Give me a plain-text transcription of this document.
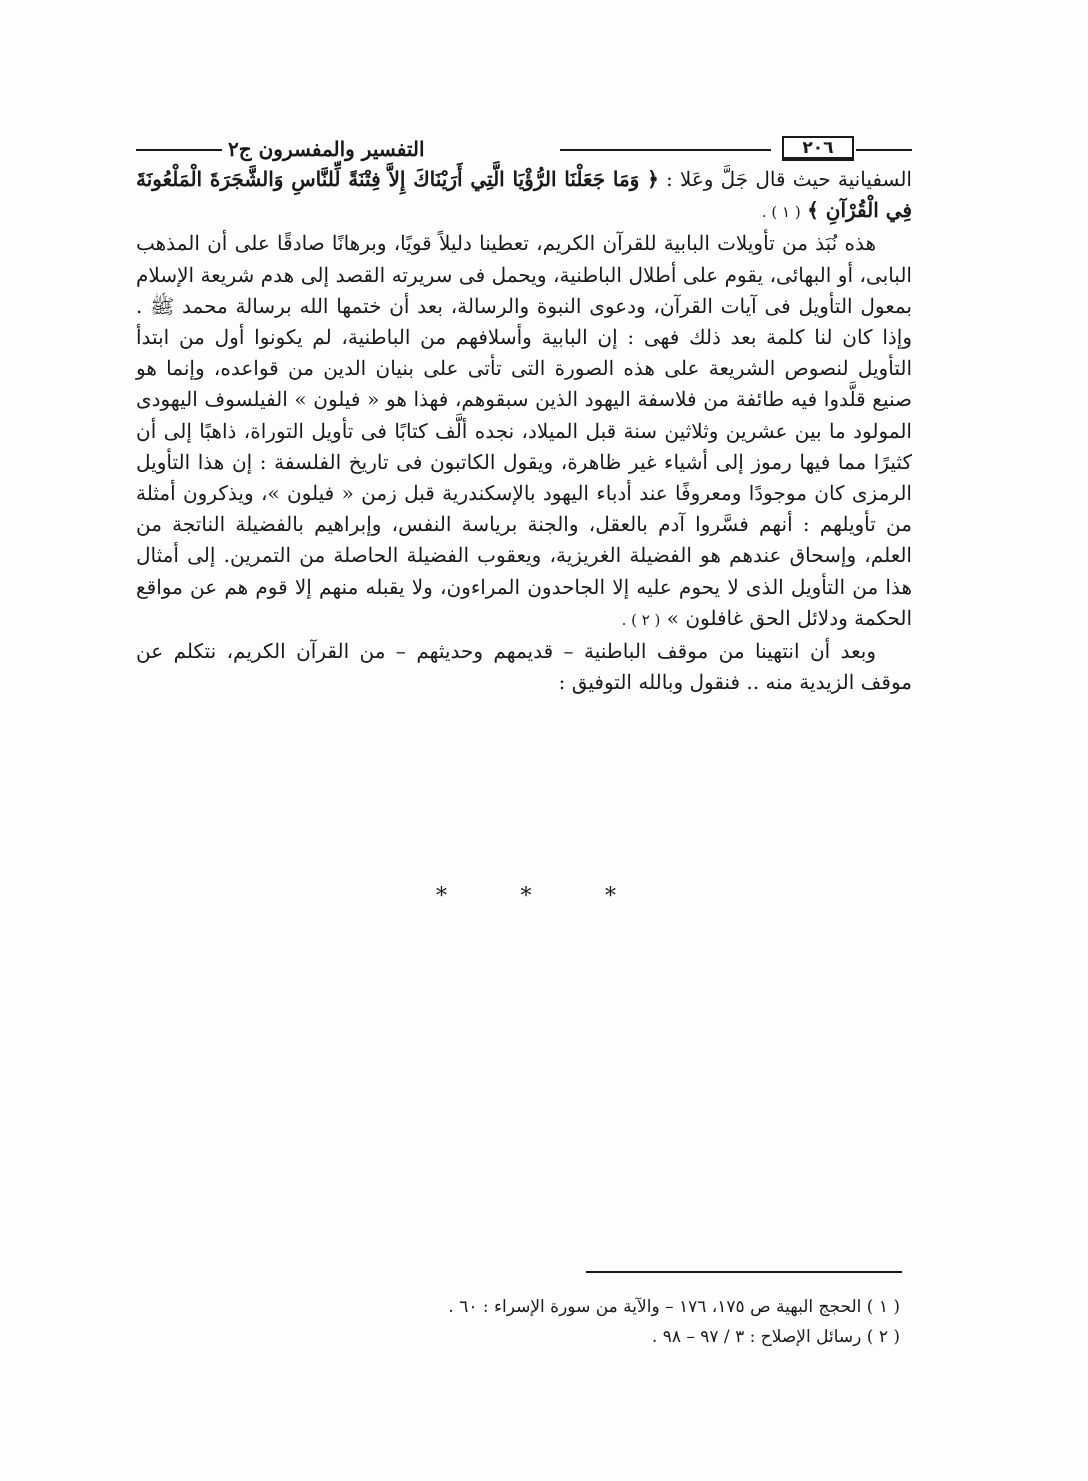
٢٠٦
التفسير والمفسرون ج٢

السفيانية حيث قال جَلَّ وعَلا : ﴿ وَمَا جَعَلْنَا الرُّؤْيَا الَّتِي أَرَيْنَاكَ إِلاَّ فِتْنَةً لِّلنَّاسِ وَالشَّجَرَةَ الْمَلْعُونَةَ فِي الْقُرْآنِ ﴾ ( ١ ) .

هذه نُبَذ من تأويلات البابية للقرآن الكريم، تعطينا دليلاً قويًا، وبرهانًا صادقًا على أن المذهب البابى، أو البهائى، يقوم على أطلال الباطنية، ويحمل فى سريرته القصد إلى هدم شريعة الإسلام بمعول التأويل فى آيات القرآن، ودعوى النبوة والرسالة، بعد أن ختمها الله برسالة محمد ﷺ . وإذا كان لنا كلمة بعد ذلك فهى : إن البابية وأسلافهم من الباطنية، لم يكونوا أول من ابتدأ التأويل لنصوص الشريعة على هذه الصورة التى تأتى على بنيان الدين من قواعده، وإنما هو صنيع قلَّدوا فيه طائفة من فلاسفة اليهود الذين سبقوهم، فهذا هو « فيلون » الفيلسوف اليهودى المولود ما بين عشرين وثلاثين سنة قبل الميلاد، نجده ألَّف كتابًا فى تأويل التوراة، ذاهبًا إلى أن كثيرًا مما فيها رموز إلى أشياء غير ظاهرة، ويقول الكاتبون فى تاريخ الفلسفة : إن هذا التأويل الرمزى كان موجودًا ومعروفًا عند أدباء اليهود بالإسكندرية قبل زمن « فيلون »، ويذكرون أمثلة من تأويلهم : أنهم فسَّروا آدم بالعقل، والجنة برياسة النفس، وإبراهيم بالفضيلة الناتجة من العلم، وإسحاق عندهم هو الفضيلة الغريزية، ويعقوب الفضيلة الحاصلة من التمرين. إلى أمثال هذا من التأويل الذى لا يحوم عليه إلا الجاحدون المراءون، ولا يقبله منهم إلا قوم هم عن مواقع الحكمة ودلائل الحق غافلون » ( ٢ ) .

وبعد أن انتهينا من موقف الباطنية – قديمهم وحديثهم – من القرآن الكريم، نتكلم عن موقف الزيدية منه .. فنقول وبالله التوفيق :

*	*	*

( ١ ) الحجج البهية ص ١٧٥، ١٧٦ – والآية من سورة الإسراء : ٦٠ .

( ٢ ) رسائل الإصلاح : ٣ / ٩٧ – ٩٨ .
